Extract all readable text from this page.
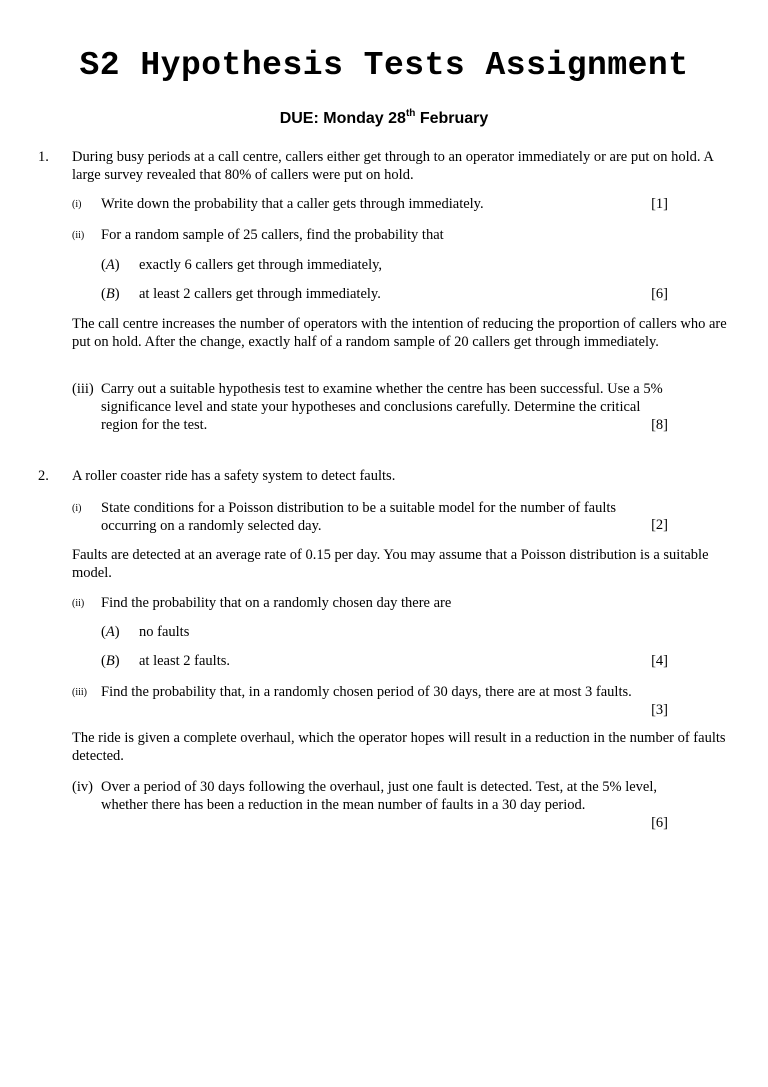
S2 Hypothesis Tests Assignment
DUE: Monday 28th February
1. During busy periods at a call centre, callers either get through to an operator immediately or are put on hold. A large survey revealed that 80% of callers were put on hold.
(i) Write down the probability that a caller gets through immediately.	[1]
(ii) For a random sample of 25 callers, find the probability that
(A) exactly 6 callers get through immediately,
(B) at least 2 callers get through immediately.	[6]
The call centre increases the number of operators with the intention of reducing the proportion of callers who are put on hold. After the change, exactly half of a random sample of 20 callers get through immediately.
(iii) Carry out a suitable hypothesis test to examine whether the centre has been successful. Use a 5% significance level and state your hypotheses and conclusions carefully. Determine the critical region for the test.	[8]
2. A roller coaster ride has a safety system to detect faults.
(i) State conditions for a Poisson distribution to be a suitable model for the number of faults occurring on a randomly selected day.	[2]
Faults are detected at an average rate of 0.15 per day. You may assume that a Poisson distribution is a suitable model.
(ii) Find the probability that on a randomly chosen day there are
(A) no faults
(B) at least 2 faults.	[4]
(iii) Find the probability that, in a randomly chosen period of 30 days, there are at most 3 faults.
[3]
The ride is given a complete overhaul, which the operator hopes will result in a reduction in the number of faults detected.
(iv) Over a period of 30 days following the overhaul, just one fault is detected. Test, at the 5% level, whether there has been a reduction in the mean number of faults in a 30 day period.
[6]
